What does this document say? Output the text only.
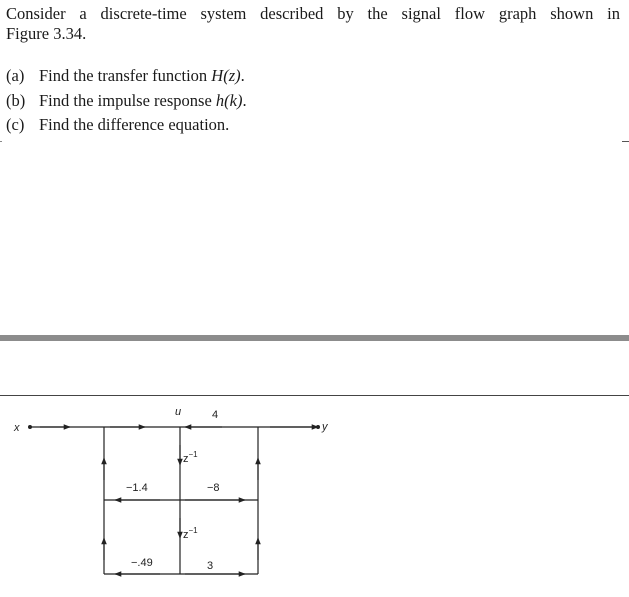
Consider a discrete-time system described by the signal flow graph shown in
Figure 3.34.
(a) Find the transfer function H(z).
(b) Find the impulse response h(k).
(c) Find the difference equation.
x	y
u	4
$z^{-1}$
$z^{-1}$
−1.4	−8
−.49	3
